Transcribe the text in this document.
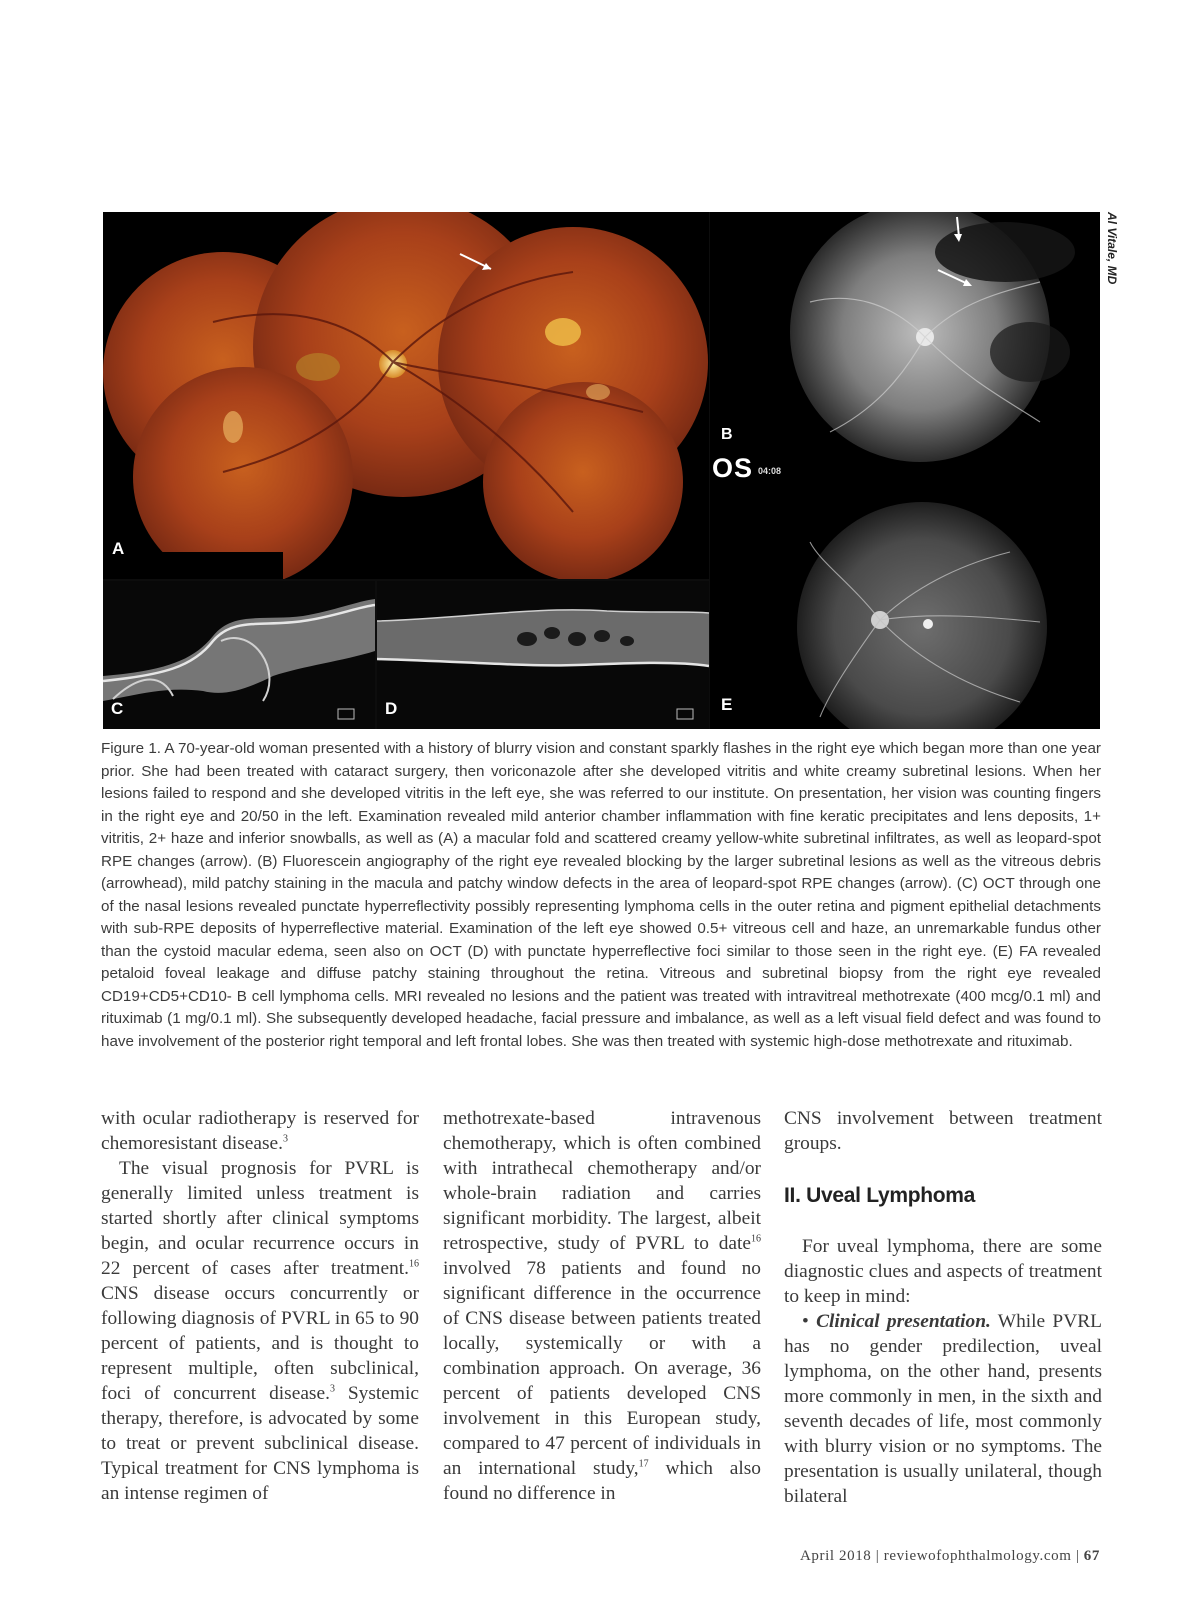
A
B
OS 04:08
E
C	D
Al Vitale, MD

Figure 1. A 70-year-old woman presented with a history of blurry vision and constant sparkly flashes in the right eye which began more than one year prior. She had been treated with cataract surgery, then voriconazole after she developed vitritis and white creamy subretinal lesions. When her lesions failed to respond and she developed vitritis in the left eye, she was referred to our institute. On presentation, her vision was counting fingers in the right eye and 20/50 in the left. Examination revealed mild anterior chamber inflammation with fine keratic precipitates and lens deposits, 1+ vitritis, 2+ haze and inferior snowballs, as well as (A) a macular fold and scattered creamy yellow-white subretinal infiltrates, as well as leopard-spot RPE changes (arrow). (B) Fluorescein angiography of the right eye revealed blocking by the larger subretinal lesions as well as the vitreous debris (arrowhead), mild patchy staining in the macula and patchy window defects in the area of leopard-spot RPE changes (arrow). (C) OCT through one of the nasal lesions revealed punctate hyperreflectivity possibly representing lymphoma cells in the outer retina and pigment epithelial detachments with sub-RPE deposits of hyperreflective material. Examination of the left eye showed 0.5+ vitreous cell and haze, an unremarkable fundus other than the cystoid macular edema, seen also on OCT (D) with punctate hyperreflective foci similar to those seen in the right eye. (E) FA revealed petaloid foveal leakage and diffuse patchy staining throughout the retina. Vitreous and subretinal biopsy from the right eye revealed CD19+CD5+CD10- B cell lymphoma cells. MRI revealed no lesions and the patient was treated with intravitreal methotrexate (400 mcg/0.1 ml) and rituximab (1 mg/0.1 ml). She subsequently developed headache, facial pressure and imbalance, as well as a left visual field defect and was found to have involvement of the posterior right temporal and left frontal lobes. She was then treated with systemic high-dose methotrexate and rituximab.

with ocular radiotherapy is reserved for chemoresistant disease.$^3$

The visual prognosis for PVRL is generally limited unless treatment is started shortly after clinical symptoms begin, and ocular recurrence occurs in 22 percent of cases after treatment.$^{16}$ CNS disease occurs concurrently or following diagnosis of PVRL in 65 to 90 percent of patients, and is thought to represent multiple, often subclinical, foci of concurrent disease.$^3$ Systemic therapy, therefore, is advocated by some to treat or prevent subclinical disease. Typical treatment for CNS lymphoma is an intense regimen of

methotrexate-based intravenous chemotherapy, which is often combined with intrathecal chemotherapy and/or whole-brain radiation and carries significant morbidity. The largest, albeit retrospective, study of PVRL to date$^{16}$ involved 78 patients and found no significant difference in the occurrence of CNS disease between patients treated locally, systemically or with a combination approach. On average, 36 percent of patients developed CNS involvement in this European study, compared to 47 percent of individuals in an international study,$^{17}$ which also found no difference in

CNS involvement between treatment groups.

II. Uveal Lymphoma

For uveal lymphoma, there are some diagnostic clues and aspects of treatment to keep in mind:

• Clinical presentation. While PVRL has no gender predilection, uveal lymphoma, on the other hand, presents more commonly in men, in the sixth and seventh decades of life, most commonly with blurry vision or no symptoms. The presentation is usually unilateral, though bilateral

April 2018 | reviewofophthalmology.com | 67
